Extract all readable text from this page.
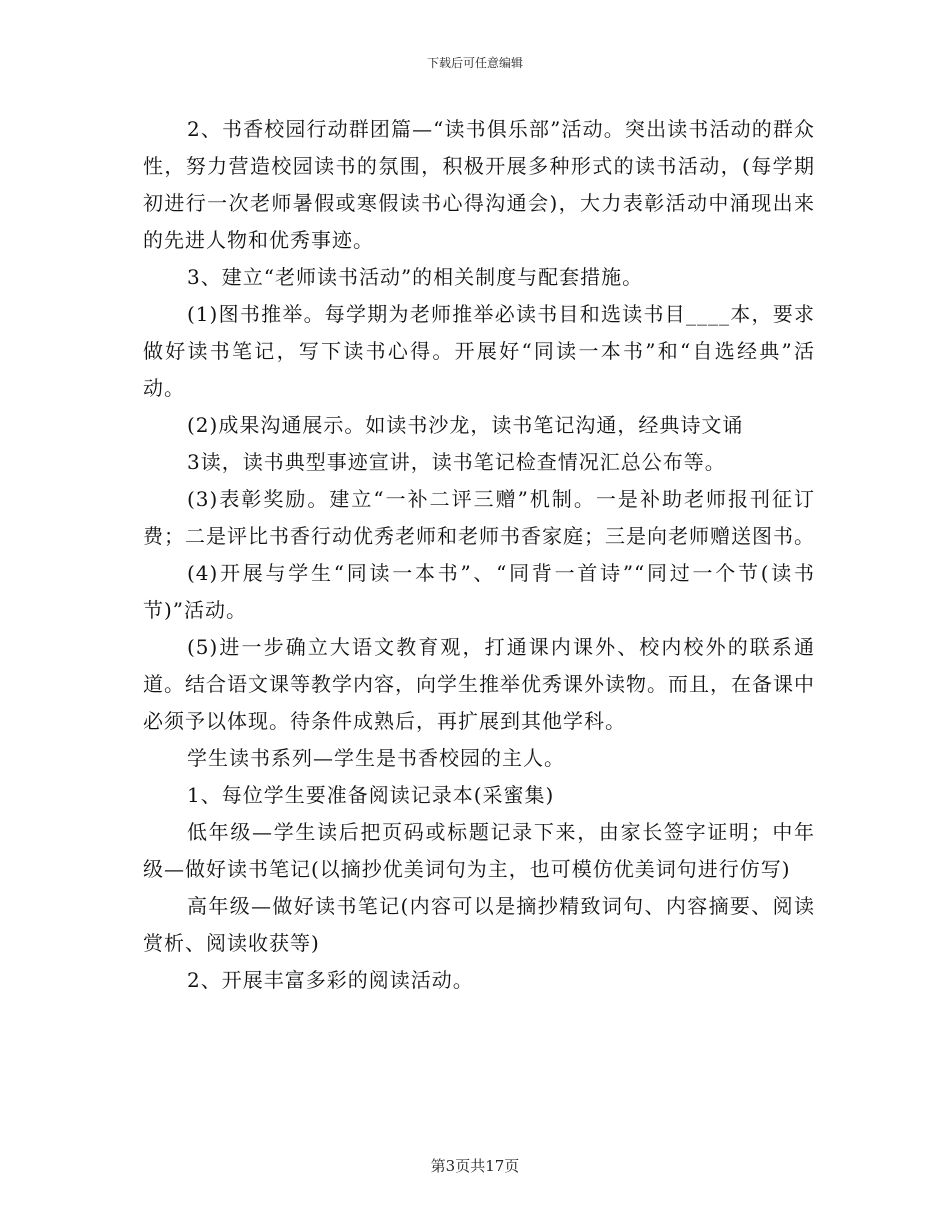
下载后可任意编辑

2、书香校园行动群团篇—“读书俱乐部”活动。突出读书活动的群众性，努力营造校园读书的氛围，积极开展多种形式的读书活动，(每学期初进行一次老师暑假或寒假读书心得沟通会)，大力表彰活动中涌现出来的先进人物和优秀事迹。

3、建立“老师读书活动”的相关制度与配套措施。

(1)图书推举。每学期为老师推举必读书目和选读书目____本，要求做好读书笔记，写下读书心得。开展好“同读一本书”和“自选经典”活动。

(2)成果沟通展示。如读书沙龙，读书笔记沟通，经典诗文诵

3读，读书典型事迹宣讲，读书笔记检查情况汇总公布等。

(3)表彰奖励。建立“一补二评三赠”机制。一是补助老师报刊征订费；二是评比书香行动优秀老师和老师书香家庭；三是向老师赠送图书。

(4)开展与学生“同读一本书”、“同背一首诗”“同过一个节(读书节)”活动。

(5)进一步确立大语文教育观，打通课内课外、校内校外的联系通道。结合语文课等教学内容，向学生推举优秀课外读物。而且，在备课中必须予以体现。待条件成熟后，再扩展到其他学科。

学生读书系列—学生是书香校园的主人。

1、每位学生要准备阅读记录本(采蜜集)

低年级—学生读后把页码或标题记录下来，由家长签字证明；中年级—做好读书笔记(以摘抄优美词句为主，也可模仿优美词句进行仿写)

高年级—做好读书笔记(内容可以是摘抄精致词句、内容摘要、阅读赏析、阅读收获等)

2、开展丰富多彩的阅读活动。

第3页共17页
